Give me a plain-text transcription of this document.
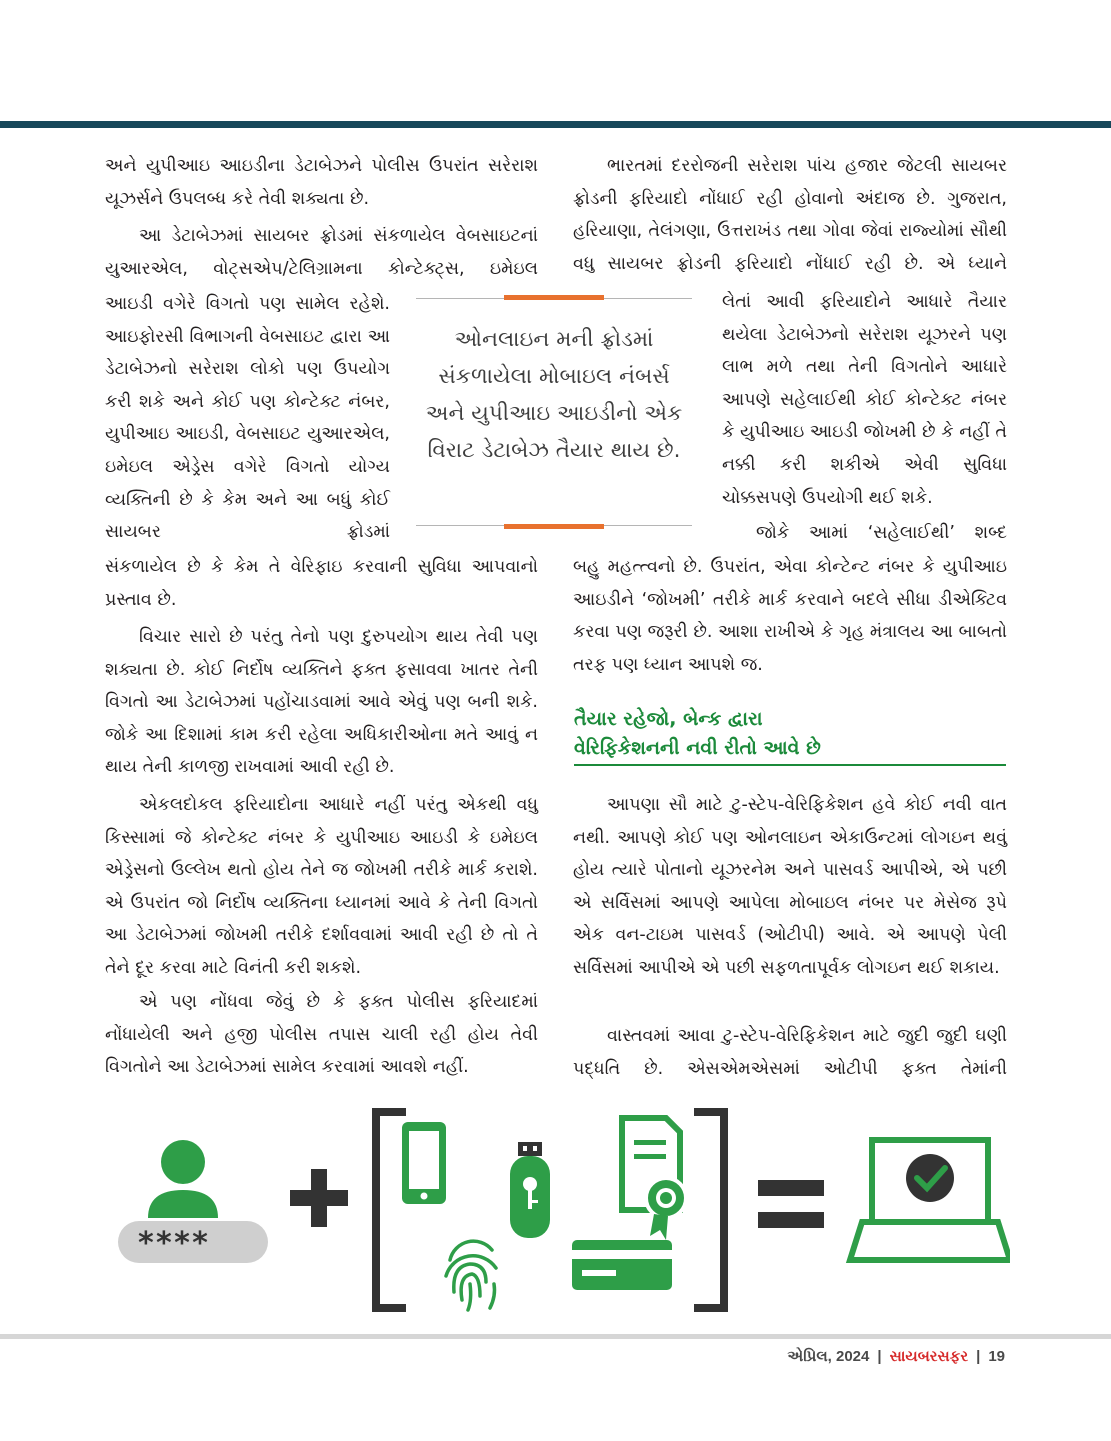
અને યુપીઆઇ આઇડીના ડેટાબેઝને પોલીસ ઉપરાંત સરેરાશ યૂઝર્સને ઉપલબ્ધ કરે તેવી શક્યતા છે.

આ ડેટાબેઝમાં સાયબર ફ્રોડમાં સંકળાયેલ વેબસાઇટનાં યુઆરએલ, વોટ્સએપ/ટેલિગ્રામના કોન્ટેક્ટ્સ, ઇમેઇલ

આઇડી વગેરે વિગતો પણ સામેલ રહેશે. આઇફોરસી વિભાગની વેબસાઇટ દ્વારા આ ડેટાબેઝનો સરેરાશ લોકો પણ ઉપયોગ કરી શકે અને કોઈ પણ કોન્ટેક્ટ નંબર, યુપીઆઇ આઇડી, વેબસાઇટ યુઆરએલ, ઇમેઇલ એડ્રેસ વગેરે વિગતો યોગ્ય વ્યક્તિની છે કે કેમ અને આ બધું કોઈ સાયબર ફ્રોડમાં

સંકળાયેલ છે કે કેમ તે વેરિફાઇ કરવાની સુવિધા આપવાનો પ્રસ્તાવ છે.

વિચાર સારો છે પરંતુ તેનો પણ દુરુપયોગ થાય તેવી પણ શક્યતા છે. કોઈ નિર્દોષ વ્યક્તિને ફક્ત ફસાવવા ખાતર તેની વિગતો આ ડેટાબેઝમાં પહોંચાડવામાં આવે એવું પણ બની શકે. જોકે આ દિશામાં કામ કરી રહેલા અધિકારીઓના મતે આવું ન થાય તેની કાળજી રાખવામાં આવી રહી છે.

એકલદોકલ ફરિયાદોના આધારે નહીં પરંતુ એકથી વધુ કિસ્સામાં જે કોન્ટેક્ટ નંબર કે યુપીઆઇ આઇડી કે ઇમેઇલ એડ્રેસનો ઉલ્લેખ થતો હોય તેને જ જોખમી તરીકે માર્ક કરાશે. એ ઉપરાંત જો નિર્દોષ વ્યક્તિના ધ્યાનમાં આવે કે તેની વિગતો આ ડેટાબેઝમાં જોખમી તરીકે દર્શાવવામાં આવી રહી છે તો તે તેને દૂર કરવા માટે વિનંતી કરી શકશે.

એ પણ નોંધવા જેવું છે કે ફક્ત પોલીસ ફરિયાદમાં નોંધાયેલી અને હજી પોલીસ તપાસ ચાલી રહી હોય તેવી વિગતોને આ ડેટાબેઝમાં સામેલ કરવામાં આવશે નહીં.

ઓનલાઇન મની ફ્રોડમાં સંકળાયેલા મોબાઇલ નંબર્સ અને યુપીઆઇ આઇડીનો એક વિરાટ ડેટાબેઝ તૈયાર થાય છે.

ભારતમાં દરરોજની સરેરાશ પાંચ હજાર જેટલી સાયબર ફ્રોડની ફરિયાદો નોંધાઈ રહી હોવાનો અંદાજ છે. ગુજરાત, હરિયાણા, તેલંગણા, ઉત્તરાખંડ તથા ગોવા જેવાં રાજ્યોમાં સૌથી વધુ સાયબર ફ્રોડની ફરિયાદો નોંધાઈ રહી છે. એ ધ્યાને

લેતાં આવી ફરિયાદોને આધારે તૈયાર થયેલા ડેટાબેઝનો સરેરાશ યૂઝરને પણ લાભ મળે તથા તેની વિગતોને આધારે આપણે સહેલાઈથી કોઈ કોન્ટેક્ટ નંબર કે યુપીઆઇ આઇડી જોખમી છે કે નહીં તે નક્કી કરી શકીએ એવી સુવિધા ચોક્કસપણે ઉપયોગી થઈ શકે.

જોકે આમાં ‘સહેલાઈથી’ શબ્દ

બહુ મહત્ત્વનો છે. ઉપરાંત, એવા કોન્ટેન્ટ નંબર કે યુપીઆઇ આઇડીને ‘જોખમી’ તરીકે માર્ક કરવાને બદલે સીધા ડીએક્ટિવ કરવા પણ જરૂરી છે. આશા રાખીએ કે ગૃહ મંત્રાલય આ બાબતો તરફ પણ ધ્યાન આપશે જ.

તૈયાર રહેજો, બેન્ક દ્વારા
વેરિફિકેશનની નવી રીતો આવે છે

આપણા સૌ માટે ટુ-સ્ટેપ-વેરિફિકેશન હવે કોઈ નવી વાત નથી. આપણે કોઈ પણ ઓનલાઇન એકાઉન્ટમાં લોગઇન થવું હોય ત્યારે પોતાનો યૂઝરનેમ અને પાસવર્ડ આપીએ, એ પછી એ સર્વિસમાં આપણે આપેલા મોબાઇલ નંબર પર મેસેજ રૂપે એક વન-ટાઇમ પાસવર્ડ (ઓટીપી) આવે. એ આપણે પેલી સર્વિસમાં આપીએ એ પછી સફળતાપૂર્વક લોગઇન થઈ શકાય.

વાસ્તવમાં આવા ટુ-સ્ટેપ-વેરિફિકેશન માટે જુદી જુદી ઘણી પદ્ધતિ છે. એસએમએસમાં ઓટીપી ફક્ત તેમાંની

****
એપ્રિલ, 2024 | સાયબરસફર | 19
